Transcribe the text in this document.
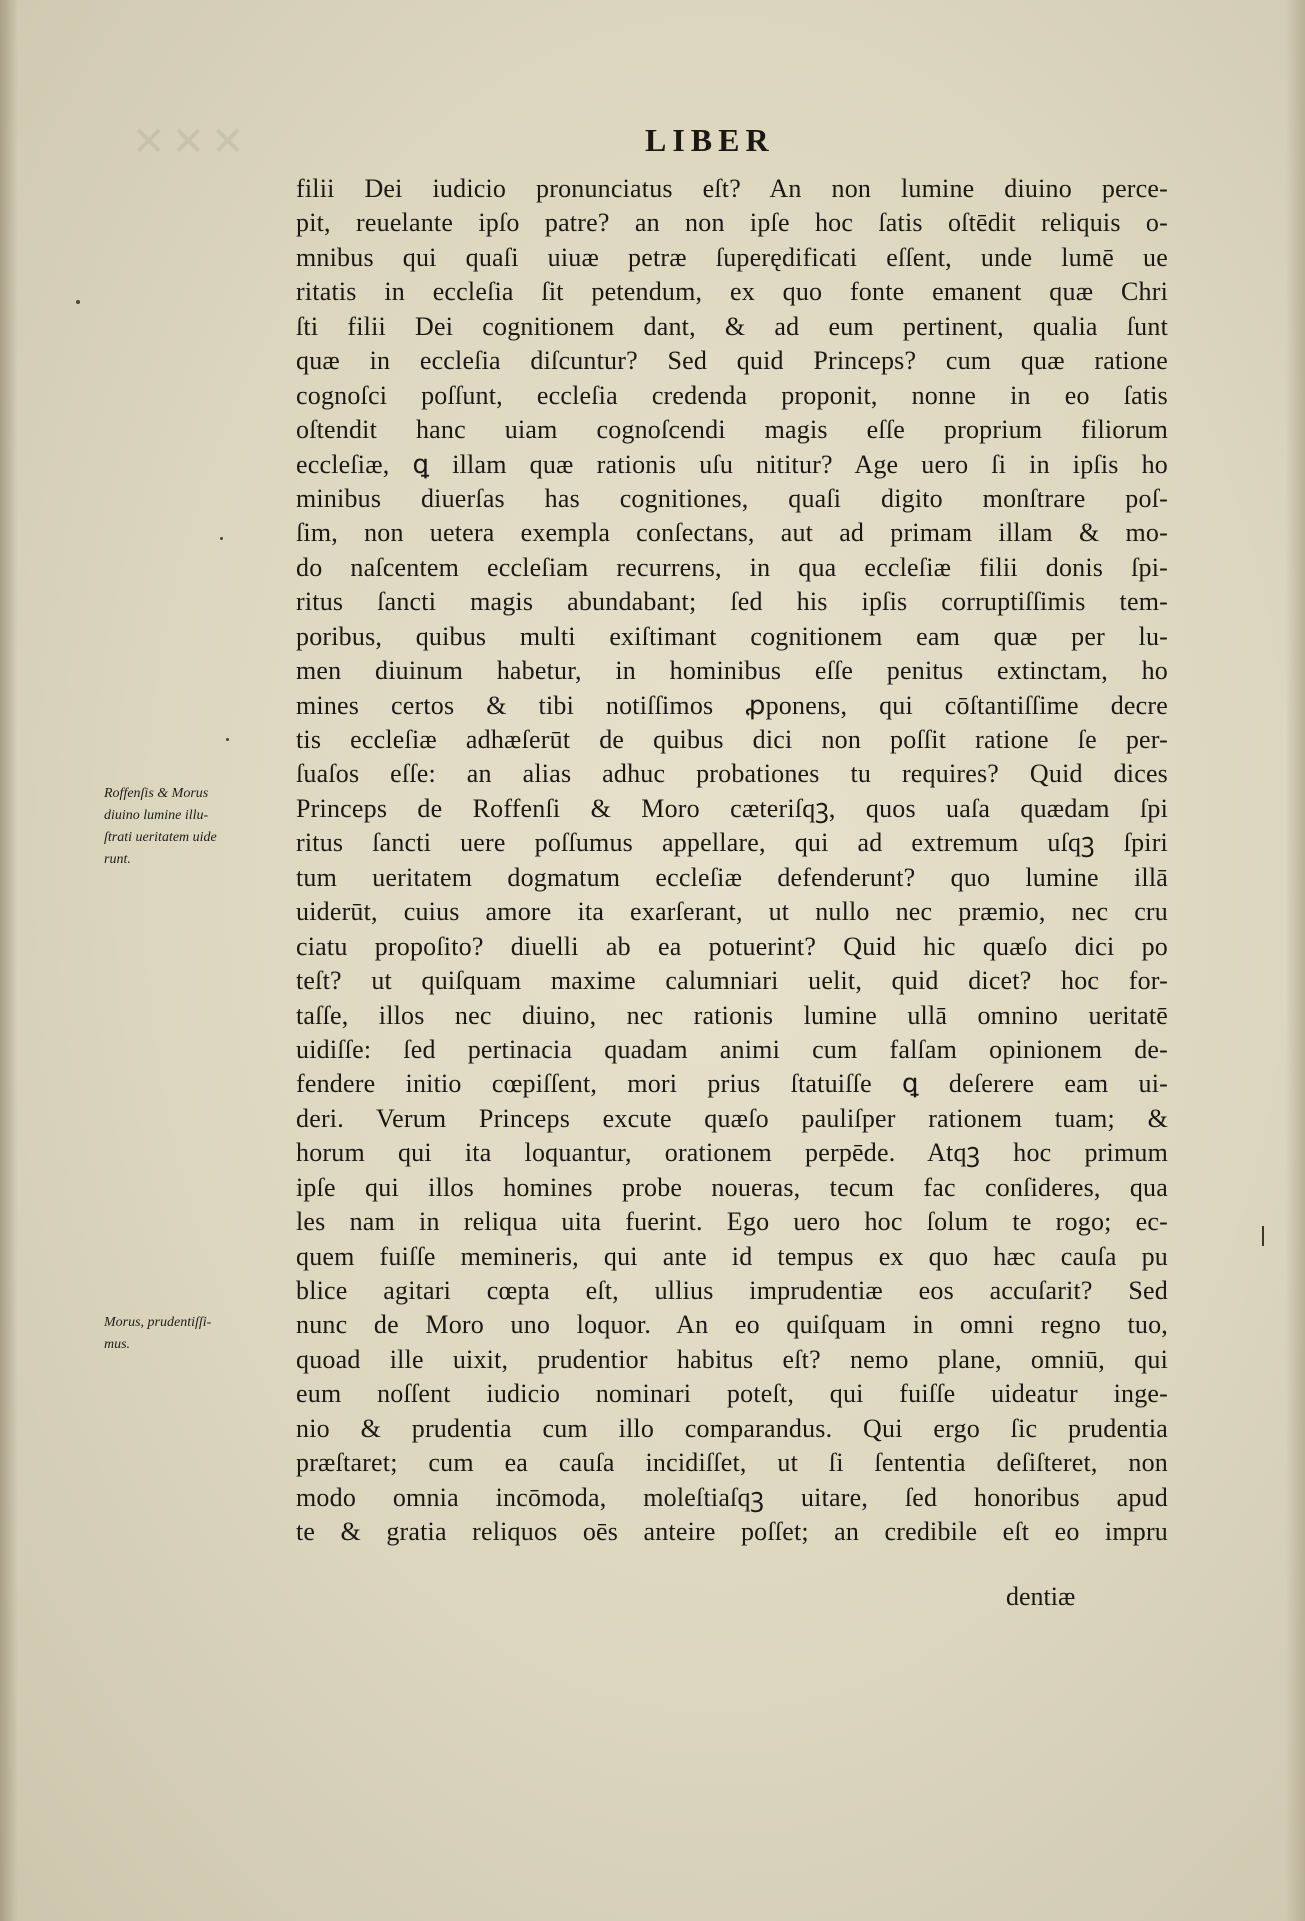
✕✕✕	LIBER
filii Dei iudicio pronunciatus eſt? An non lumine diuino perce-
pit, reuelante ipſo patre? an non ipſe hoc ſatis oſtēdit reliquis o-
mnibus qui quaſi uiuæ petræ ſuperędificati eſſent, unde lumē ue
ritatis in eccleſia ſit petendum, ex quo fonte emanent quæ Chri
ſti filii Dei cognitionem dant, & ad eum pertinent, qualia ſunt
quæ in eccleſia diſcuntur? Sed quid Princeps? cum quæ ratione
cognoſci poſſunt, eccleſia credenda proponit, nonne in eo ſatis
oſtendit hanc uiam cognoſcendi magis eſſe proprium filiorum
eccleſiæ, ꝗ illam quæ rationis uſu nititur? Age uero ſi in ipſis ho
minibus diuerſas has cognitiones, quaſi digito monſtrare poſ-
ſim, non uetera exempla conſectans, aut ad primam illam & mo-
do naſcentem eccleſiam recurrens, in qua eccleſiæ filii donis ſpi-
ritus ſancti magis abundabant; ſed his ipſis corruptiſſimis tem-
poribus, quibus multi exiſtimant cognitionem eam quæ per lu-
men diuinum habetur, in hominibus eſſe penitus extinctam, ho
mines certos & tibi notiſſimos ꝓponens, qui cōſtantiſſime decre
tis eccleſiæ adhæſerūt de quibus dici non poſſit ratione ſe per-
ſuaſos eſſe: an alias adhuc probationes tu requires? Quid dices
Princeps de Roffenſi & Moro cæteriſqꝫ, quos uaſa quædam ſpi
ritus ſancti uere poſſumus appellare, qui ad extremum uſqꝫ ſpiri
tum ueritatem dogmatum eccleſiæ defenderunt? quo lumine illā
uiderūt, cuius amore ita exarſerant, ut nullo nec præmio, nec cru
ciatu propoſito? diuelli ab ea potuerint? Quid hic quæſo dici po
teſt? ut quiſquam maxime calumniari uelit, quid dicet? hoc for-
taſſe, illos nec diuino, nec rationis lumine ullā omnino ueritatē
uidiſſe: ſed pertinacia quadam animi cum falſam opinionem de-
fendere initio cœpiſſent, mori prius ſtatuiſſe ꝗ deſerere eam ui-
deri. Verum Princeps excute quæſo pauliſper rationem tuam; &
horum qui ita loquantur, orationem perpēde. Atqꝫ hoc primum
ipſe qui illos homines probe noueras, tecum fac conſideres, qua
les nam in reliqua uita fuerint. Ego uero hoc ſolum te rogo; ec-
quem fuiſſe memineris, qui ante id tempus ex quo hæc cauſa pu
blice agitari cœpta eſt, ullius imprudentiæ eos accuſarit? Sed
nunc de Moro uno loquor. An eo quiſquam in omni regno tuo,
quoad ille uixit, prudentior habitus eſt? nemo plane, omniū, qui
eum noſſent iudicio nominari poteſt, qui fuiſſe uideatur inge-
nio & prudentia cum illo comparandus. Qui ergo ſic prudentia
præſtaret; cum ea cauſa incidiſſet, ut ſi ſententia deſiſteret, non
modo omnia incōmoda, moleſtiaſqꝫ uitare, ſed honoribus apud
te & gratia reliquos oēs anteire poſſet; an credibile eſt eo impru
dentiæ
Roffenſis & Morus
diuino lumine illu-
ſtrati ueritatem uide
runt.
Morus, prudentiſſi-
mus.
